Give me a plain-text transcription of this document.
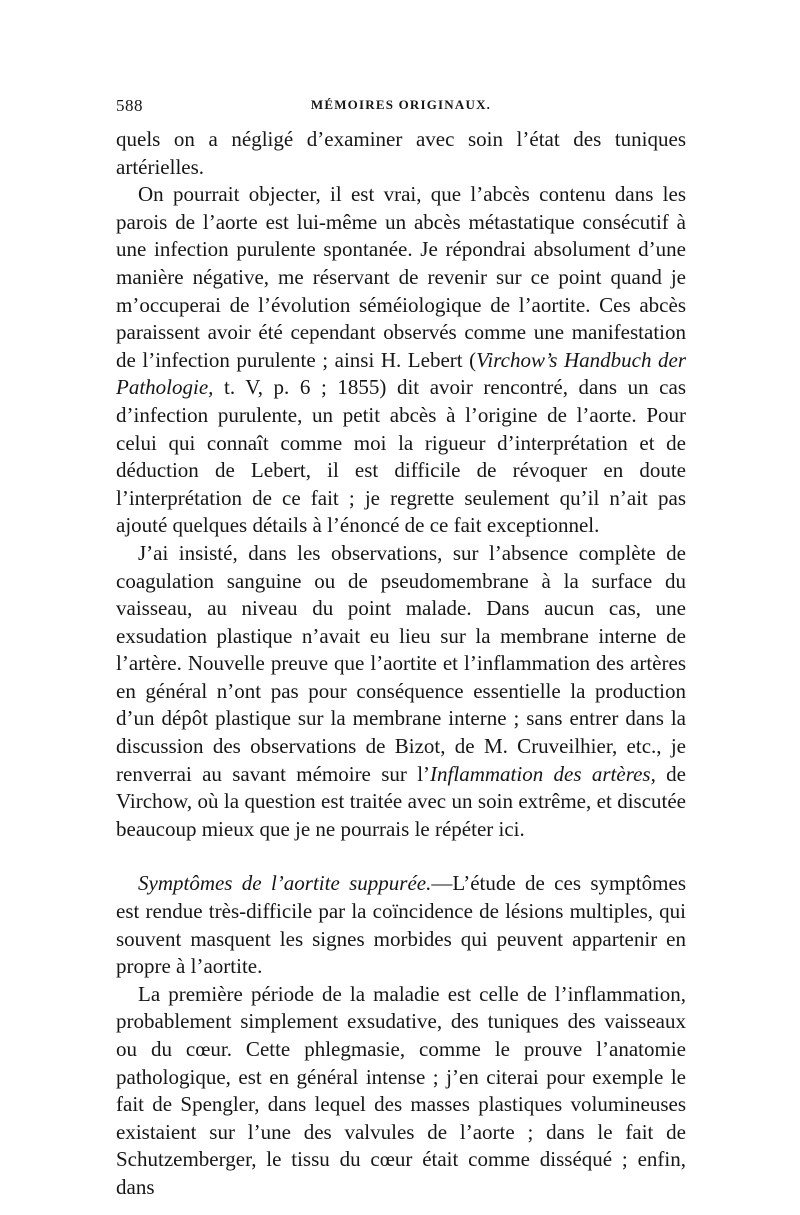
588	MÉMOIRES ORIGINAUX.

quels on a négligé d’examiner avec soin l’état des tuniques artérielles.

On pourrait objecter, il est vrai, que l’abcès contenu dans les parois de l’aorte est lui-même un abcès métastatique consécutif à une infection purulente spontanée. Je répondrai absolument d’une manière négative, me réservant de revenir sur ce point quand je m’occuperai de l’évolution séméiologique de l’aortite. Ces abcès paraissent avoir été cependant observés comme une manifestation de l’infection purulente ; ainsi H. Lebert (Virchow’s Handbuch der Pathologie, t. V, p. 6 ; 1855) dit avoir rencontré, dans un cas d’infection purulente, un petit abcès à l’origine de l’aorte. Pour celui qui connaît comme moi la rigueur d’interprétation et de déduction de Lebert, il est difficile de révoquer en doute l’interprétation de ce fait ; je regrette seulement qu’il n’ait pas ajouté quelques détails à l’énoncé de ce fait exceptionnel.

J’ai insisté, dans les observations, sur l’absence complète de coagulation sanguine ou de pseudomembrane à la surface du vaisseau, au niveau du point malade. Dans aucun cas, une exsudation plastique n’avait eu lieu sur la membrane interne de l’artère. Nouvelle preuve que l’aortite et l’inflammation des artères en général n’ont pas pour conséquence essentielle la production d’un dépôt plastique sur la membrane interne ; sans entrer dans la discussion des observations de Bizot, de M. Cruveilhier, etc., je renverrai au savant mémoire sur l’Inflammation des artères, de Virchow, où la question est traitée avec un soin extrême, et discutée beaucoup mieux que je ne pourrais le répéter ici.

Symptômes de l’aortite suppurée.—L’étude de ces symptômes est rendue très-difficile par la coïncidence de lésions multiples, qui souvent masquent les signes morbides qui peuvent appartenir en propre à l’aortite.

La première période de la maladie est celle de l’inflammation, probablement simplement exsudative, des tuniques des vaisseaux ou du cœur. Cette phlegmasie, comme le prouve l’anatomie pathologique, est en général intense ; j’en citerai pour exemple le fait de Spengler, dans lequel des masses plastiques volumineuses existaient sur l’une des valvules de l’aorte ; dans le fait de Schutzemberger, le tissu du cœur était comme disséqué ; enfin, dans
